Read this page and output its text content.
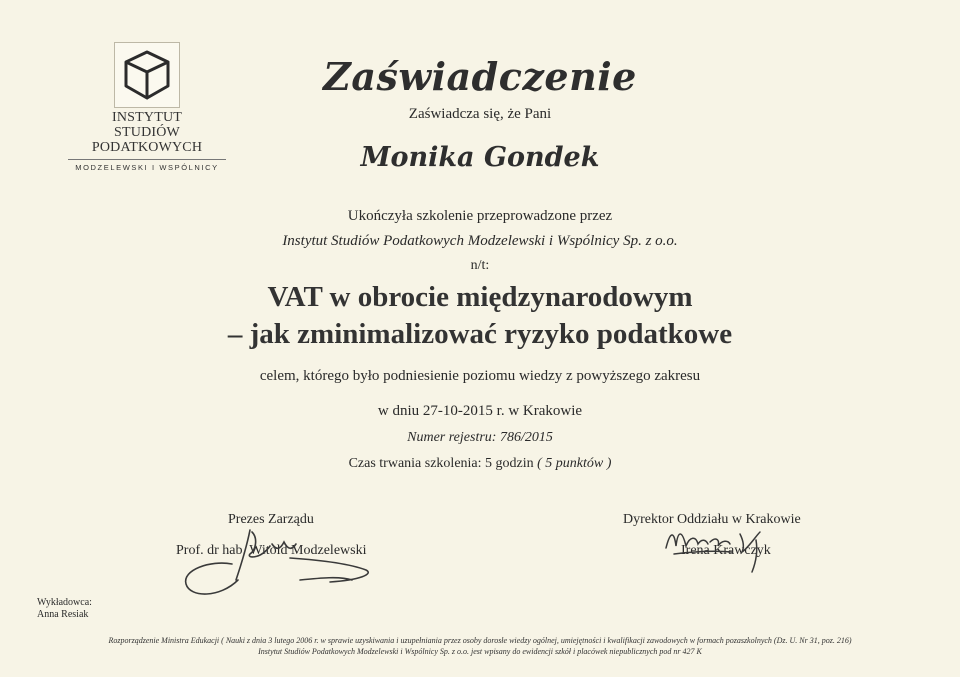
INSTYTUT
STUDIÓW
PODATKOWYCH
MODZELEWSKI I WSPÓLNICY
Zaświadczenie
Zaświadcza się, że Pani
Monika Gondek
Ukończyła szkolenie przeprowadzone przez
Instytut Studiów Podatkowych Modzelewski i Wspólnicy Sp. z o.o.
n/t:
VAT w obrocie międzynarodowym
– jak zminimalizować ryzyko podatkowe
celem, którego było podniesienie poziomu wiedzy z powyższego zakresu
w dniu 27-10-2015 r. w Krakowie
Numer rejestru: 786/2015
Czas trwania szkolenia: 5 godzin ( 5 punktów )
Prezes Zarządu
Prof. dr hab. Witold Modzelewski
Dyrektor Oddziału w Krakowie
Irena Krawczyk
Wykładowca:
Anna Resiak
Rozporządzenie Ministra Edukacji ( Nauki z dnia 3 lutego 2006 r. w sprawie uzyskiwania i uzupełniania przez osoby dorosłe wiedzy ogólnej, umiejętności i kwalifikacji zawodowych w formach pozaszkolnych (Dz. U. Nr 31, poz. 216)
Instytut Studiów Podatkowych Modzelewski i Wspólnicy Sp. z o.o. jest wpisany do ewidencji szkół i placówek niepublicznych pod nr 427 K
